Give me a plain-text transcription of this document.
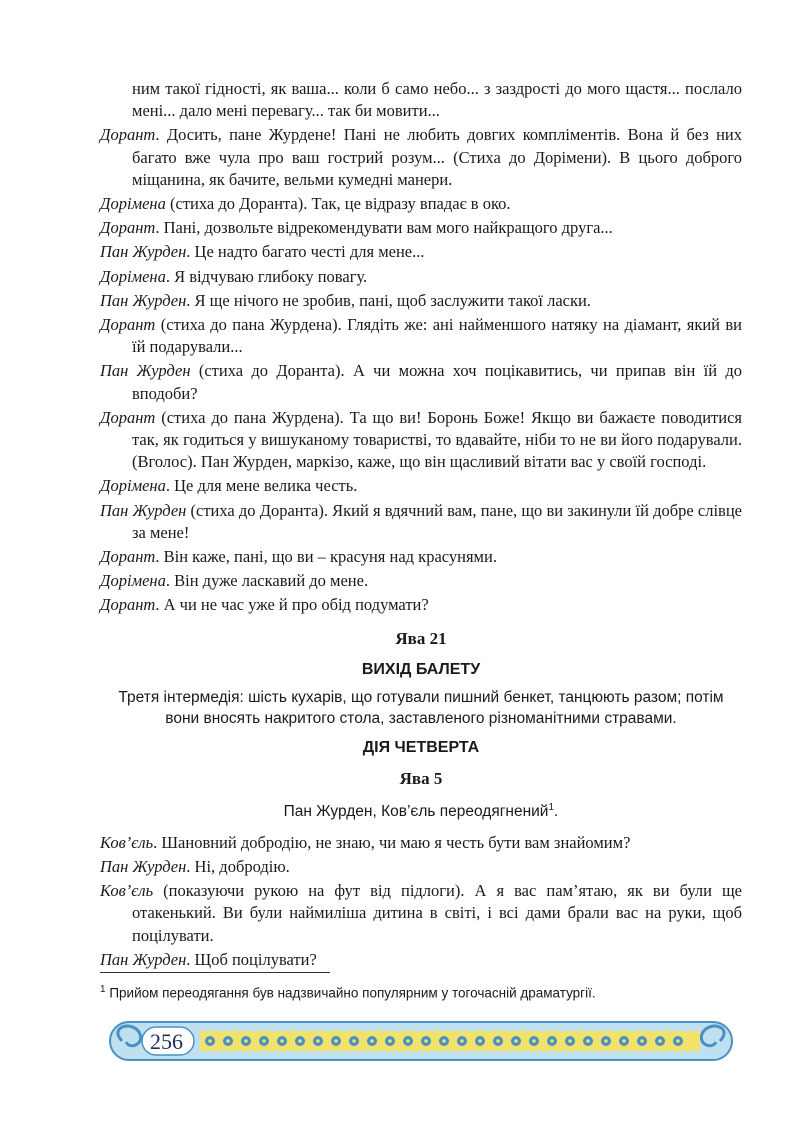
ним такої гідності, як ваша... коли б само небо... з заздрості до мого щастя... послало мені... дало мені перевагу... так би мовити...

Дорант. Досить, пане Журдене! Пані не любить довгих компліментів. Вона й без них багато вже чула про ваш гострий розум... (Стиха до Дорімени). В цього доброго міщанина, як бачите, вельми кумедні манери.

Дорімена (стиха до Доранта). Так, це відразу впадає в око.

Дорант. Пані, дозвольте відрекомендувати вам мого найкращого друга...

Пан Журден. Це надто багато честі для мене...

Дорімена. Я відчуваю глибоку повагу.

Пан Журден. Я ще нічого не зробив, пані, щоб заслужити такої ласки.

Дорант (стиха до пана Журдена). Глядіть же: ані найменшого натяку на діамант, який ви їй подарували...

Пан Журден (стиха до Доранта). А чи можна хоч поцікавитись, чи припав він їй до вподоби?

Дорант (стиха до пана Журдена). Та що ви! Боронь Боже! Якщо ви бажаєте поводитися так, як годиться у вишуканому товаристві, то вдавайте, ніби то не ви його подарували. (Вголос). Пан Журден, маркізо, каже, що він щасливий вітати вас у своїй господі.

Дорімена. Це для мене велика честь.

Пан Журден (стиха до Доранта). Який я вдячний вам, пане, що ви закинули їй добре слівце за мене!

Дорант. Він каже, пані, що ви – красуня над красунями.

Дорімена. Він дуже ласкавий до мене.

Дорант. А чи не час уже й про обід подумати?

Ява 21
ВИХІД БАЛЕТУ

Третя інтермедія: шість кухарів, що готували пишний бенкет, танцюють разом; потім вони вносять накритого стола, заставленого різноманітними стравами.

ДІЯ ЧЕТВЕРТА
Ява 5

Пан Журден, Ков’єль переодягнений$^1$.

Ков’єль. Шановний добродію, не знаю, чи маю я честь бути вам знайомим?

Пан Журден. Ні, добродію.

Ков’єль (показуючи рукою на фут від підлоги). А я вас пам’ятаю, як ви були ще отакенький. Ви були наймиліша дитина в світі, і всі дами брали вас на руки, щоб поцілувати.

Пан Журден. Щоб поцілувати?

$^1$ Прийом переодягання був надзвичайно популярним у тогочасній драматургії.
256
